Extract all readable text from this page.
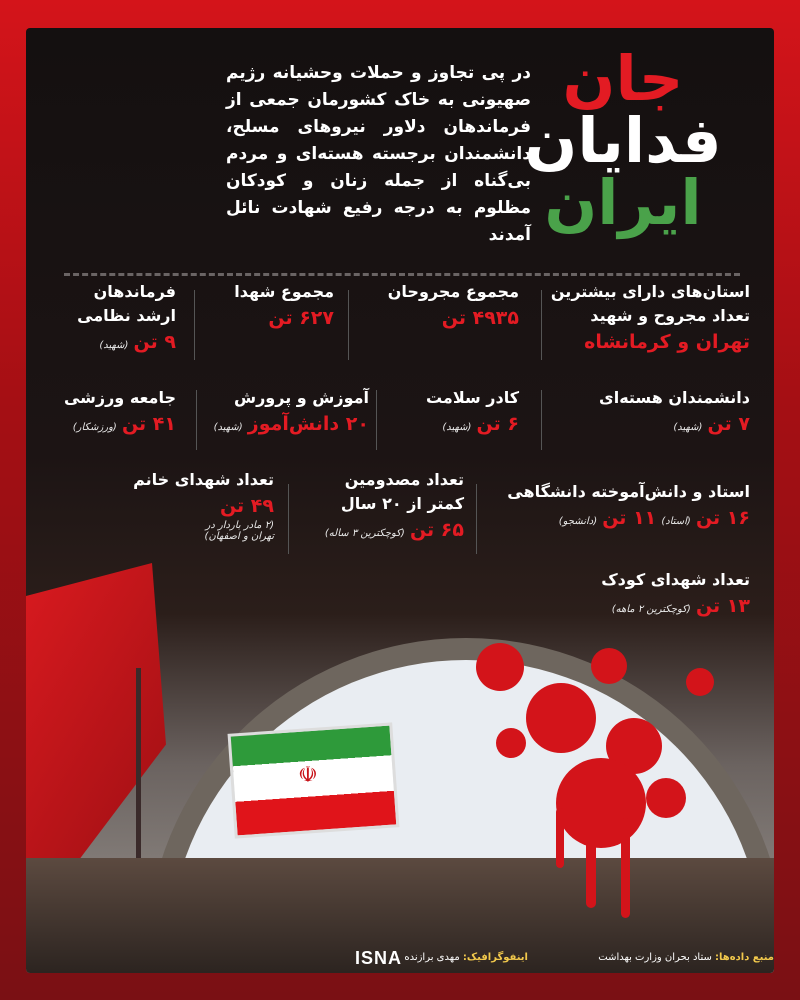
جان
فدایان
ایران

در پی تجاوز و حملات وحشیانه رژیم صهیونی به خاک کشورمان جمعی از فرماندهان دلاور نیروهای مسلح، دانشمندان برجسته هسته‌ای و مردم بی‌گناه از جمله زنان و کودکان مظلوم به درجه رفیع شهادت نائل آمدند

استان‌های دارای بیشترین
تعداد مجروح و شهید
تهران و کرمانشاه
مجموع مجروحان
۴۹۳۵ تن
مجموع شهدا
۶۲۷ تن
فرماندهان
ارشد نظامی
۹ تن (شهید)
دانشمندان هسته‌ای
۷ تن (شهید)
کادر سلامت
۶ تن (شهید)
آموزش و پرورش
۲۰ دانش‌آموز (شهید)
جامعه ورزشی
۴۱ تن (ورزشکار)
استاد و دانش‌آموخته دانشگاهی
۱۶ تن (استاد) ۱۱ تن (دانشجو)
تعداد مصدومین
کمتر از ۲۰ سال
۶۵ تن (کوچکترین ۳ ساله)
تعداد شهدای خانم
۴۹ تن
(۲ مادر باردار در
تهران و اصفهان)
تعداد شهدای کودک
۱۳ تن (کوچکترین ۲ ماهه)
☫
ISNA	منبع داده‌ها: ستاد بحران وزارت بهداشت
اینفوگرافیک: مهدی برازنده
